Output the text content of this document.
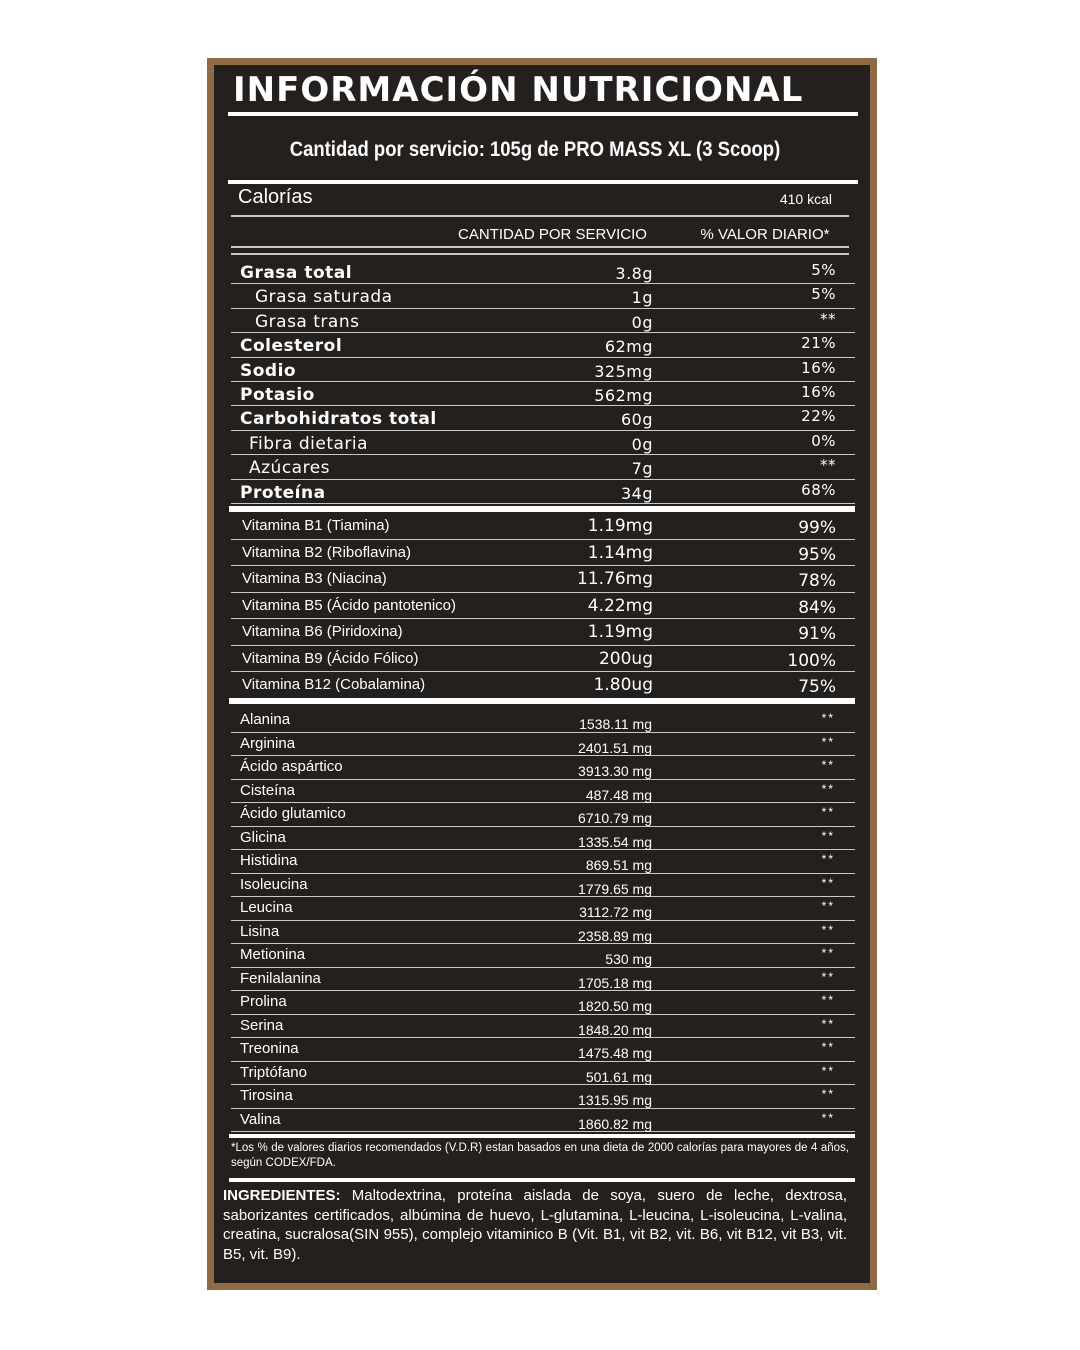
INFORMACIÓN NUTRICIONAL
Cantidad por servicio: 105g de PRO MASS XL (3 Scoop)
Calorías	410 kcal
CANTIDAD POR SERVICIO	% VALOR DIARIO*
Grasa total	3.8g	5%
Grasa saturada	1g	5%
Grasa trans	0g	**
Colesterol	62mg	21%
Sodio	325mg	16%
Potasio	562mg	16%
Carbohidratos total	60g	22%
Fibra dietaria	0g	0%
Azúcares	7g	**
Proteína	34g	68%
Vitamina B1 (Tiamina)	1.19mg	99%
Vitamina B2 (Riboflavina)	1.14mg	95%
Vitamina B3 (Niacina)	11.76mg	78%
Vitamina B5 (Ácido pantotenico)	4.22mg	84%
Vitamina B6 (Piridoxina)	1.19mg	91%
Vitamina B9 (Ácido Fólico)	200ug	100%
Vitamina B12 (Cobalamina)	1.80ug	75%
Alanina	1538.11 mg	**
Arginina	2401.51 mg	**
Ácido aspártico	3913.30 mg	**
Cisteína	487.48 mg	**
Ácido glutamico	6710.79 mg	**
Glicina	1335.54 mg	**
Histidina	869.51 mg	**
Isoleucina	1779.65 mg	**
Leucina	3112.72 mg	**
Lisina	2358.89 mg	**
Metionina	530 mg	**
Fenilalanina	1705.18 mg	**
Prolina	1820.50 mg	**
Serina	1848.20 mg	**
Treonina	1475.48 mg	**
Triptófano	501.61 mg	**
Tirosina	1315.95 mg	**
Valina	1860.82 mg	**
*Los % de valores diarios recomendados (V.D.R) estan basados en una dieta de 2000 calorías para mayores de 4 años, según CODEX/FDA.
INGREDIENTES: Maltodextrina, proteína aislada de soya, suero de leche, dextrosa, saborizantes certificados, albúmina de huevo, L-glutamina, L-leucina, L-isoleucina, L-valina, creatina, sucralosa(SIN 955), complejo vitaminico B (Vit. B1, vit B2, vit. B6, vit B12, vit B3, vit. B5, vit. B9).
